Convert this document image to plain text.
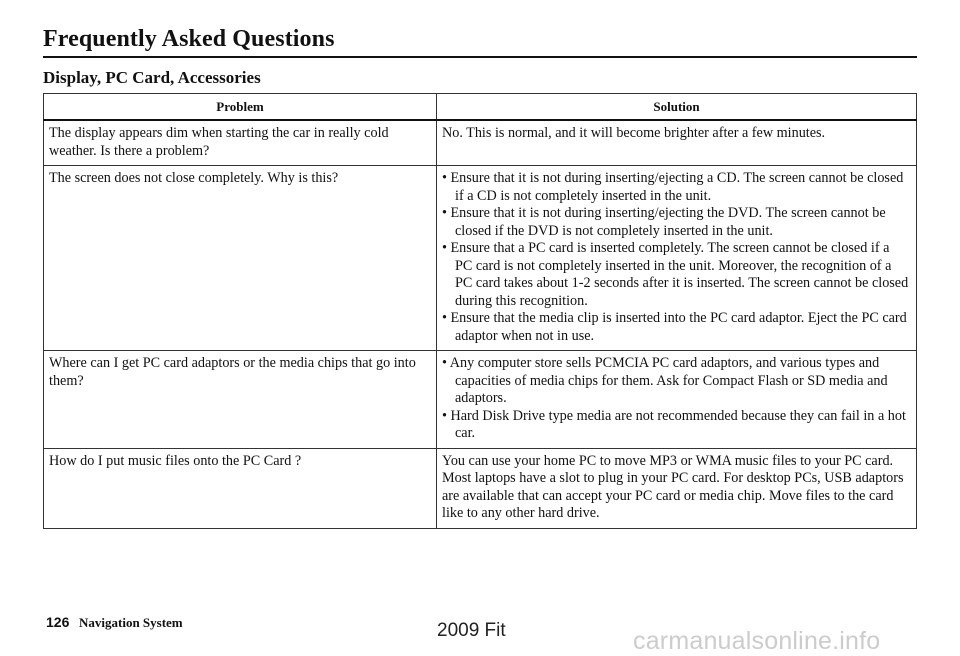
Frequently Asked Questions
Display, PC Card, Accessories
Problem	Solution
The display appears dim when starting the car in really cold weather. Is there a problem?	No. This is normal, and it will become brighter after a few minutes.
The screen does not close completely. Why is this?	• Ensure that it is not during inserting/ejecting a CD. The screen cannot be closed if a CD is not completely inserted in the unit.
• Ensure that it is not during inserting/ejecting the DVD. The screen cannot be closed if the DVD is not completely inserted in the unit.
• Ensure that a PC card is inserted completely. The screen cannot be closed if a PC card is not completely inserted in the unit. Moreover, the recognition of a PC card takes about 1-2 seconds after it is inserted. The screen cannot be closed during this recognition.
• Ensure that the media clip is inserted into the PC card adaptor. Eject the PC card adaptor when not in use.

Where can I get PC card adaptors or the media chips that go into them?	• Any computer store sells PCMCIA PC card adaptors, and various types and capacities of media chips for them. Ask for Compact Flash or SD media and adaptors.
• Hard Disk Drive type media are not recommended because they can fail in a hot car.

How do I put music files onto the PC Card ?	You can use your home PC to move MP3 or WMA music files to your PC card. Most laptops have a slot to plug in your PC card. For desktop PCs, USB adaptors are available that can accept your PC card or media chip. Move files to the card like to any other hard drive.
126 Navigation System	2009 Fit	carmanualsonline.info
